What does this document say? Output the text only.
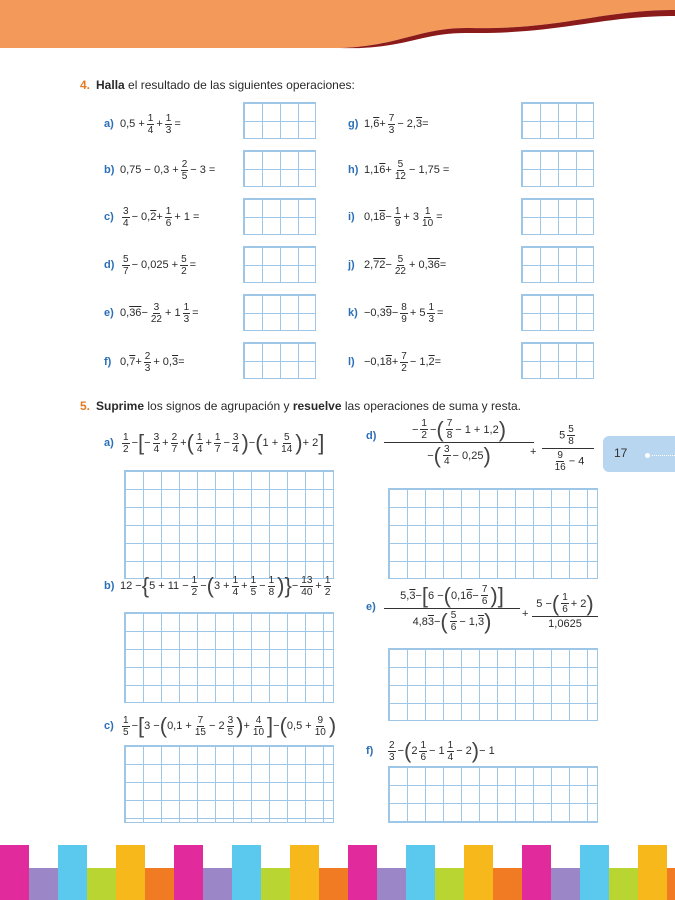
4. Halla el resultado de las siguientes operaciones:
a) $0,5 + \frac{1}{4} + \frac{1}{3}$ =
b) $0,75 - 0,3 + \frac{2}{5} - 3$ =
$c) \frac{3}{4} - 0$, $2 + \frac{1}{6} + 1$ =
$d) \frac{5}{7} - 0,025 + \frac{5}{2}$ =
e) 0, $36 - \frac{3}{22} + 1 \frac{1}{3}$ =
f) 0, $7 + \frac{2}{3} + 0$, 3 =
g) 1, $6 + \frac{7}{3} - 2$, 3 =
h) 1,1 $6 + \frac{5}{12} - 1,75$ =
i) 0,1 $8 - \frac{1}{9} + 3 \frac{1}{10}$ =
j) 2, $72 - \frac{5}{22} + 0$, 36 =
k) −0,3 $9 - \frac{8}{9} + 5 \frac{1}{3}$ =
l) −0,1 $8 + \frac{7}{2} - 1$, 2 =
5. Suprime los signos de agrupación y resuelve las operaciones de suma y resta.
$a) \frac{1}{2}$ − [ − $\frac{3}{4} + \frac{2}{7}$ + ( $\frac{1}{4} + \frac{1}{7} - \frac{3}{4}$ ) − ( $1 + \frac{5}{14}$ ) + 2 ]
b) 12 − { $5 + 11 - \frac{1}{2}$ − ( $3 + \frac{1}{4} + \frac{1}{5} - \frac{1}{8}$ ) } − $\frac{13}{40} + \frac{1}{2}$
$c) \frac{1}{5}$ − [ 3 − ( $0,1 + \frac{7}{15} - 2 \frac{3}{5}$ ) + $\frac{4}{10}$ ] − ( $0,5 + \frac{9}{10}$ )
d)
− $\frac{1}{2}$ − ( $\frac{7}{8} - 1 + 1,2$ )
− ( $\frac{3}{4} - 0,25$ )	+
$5 \frac{5}{8}$
$\frac{9}{16} - 4$
e)
5, 3 − [ 6 − ( 0,1 $6 - \frac{7}{6}$ ) ]
4,8 3 − ( $\frac{5}{6} - 1$, 3 )	+
5 − ( $\frac{1}{6} + 2$ )
1,0625
f)	$\frac{2}{3}$ − ( $2 \frac{1}{6} - 1 \frac{1}{4} - 2$ ) − 1
17
